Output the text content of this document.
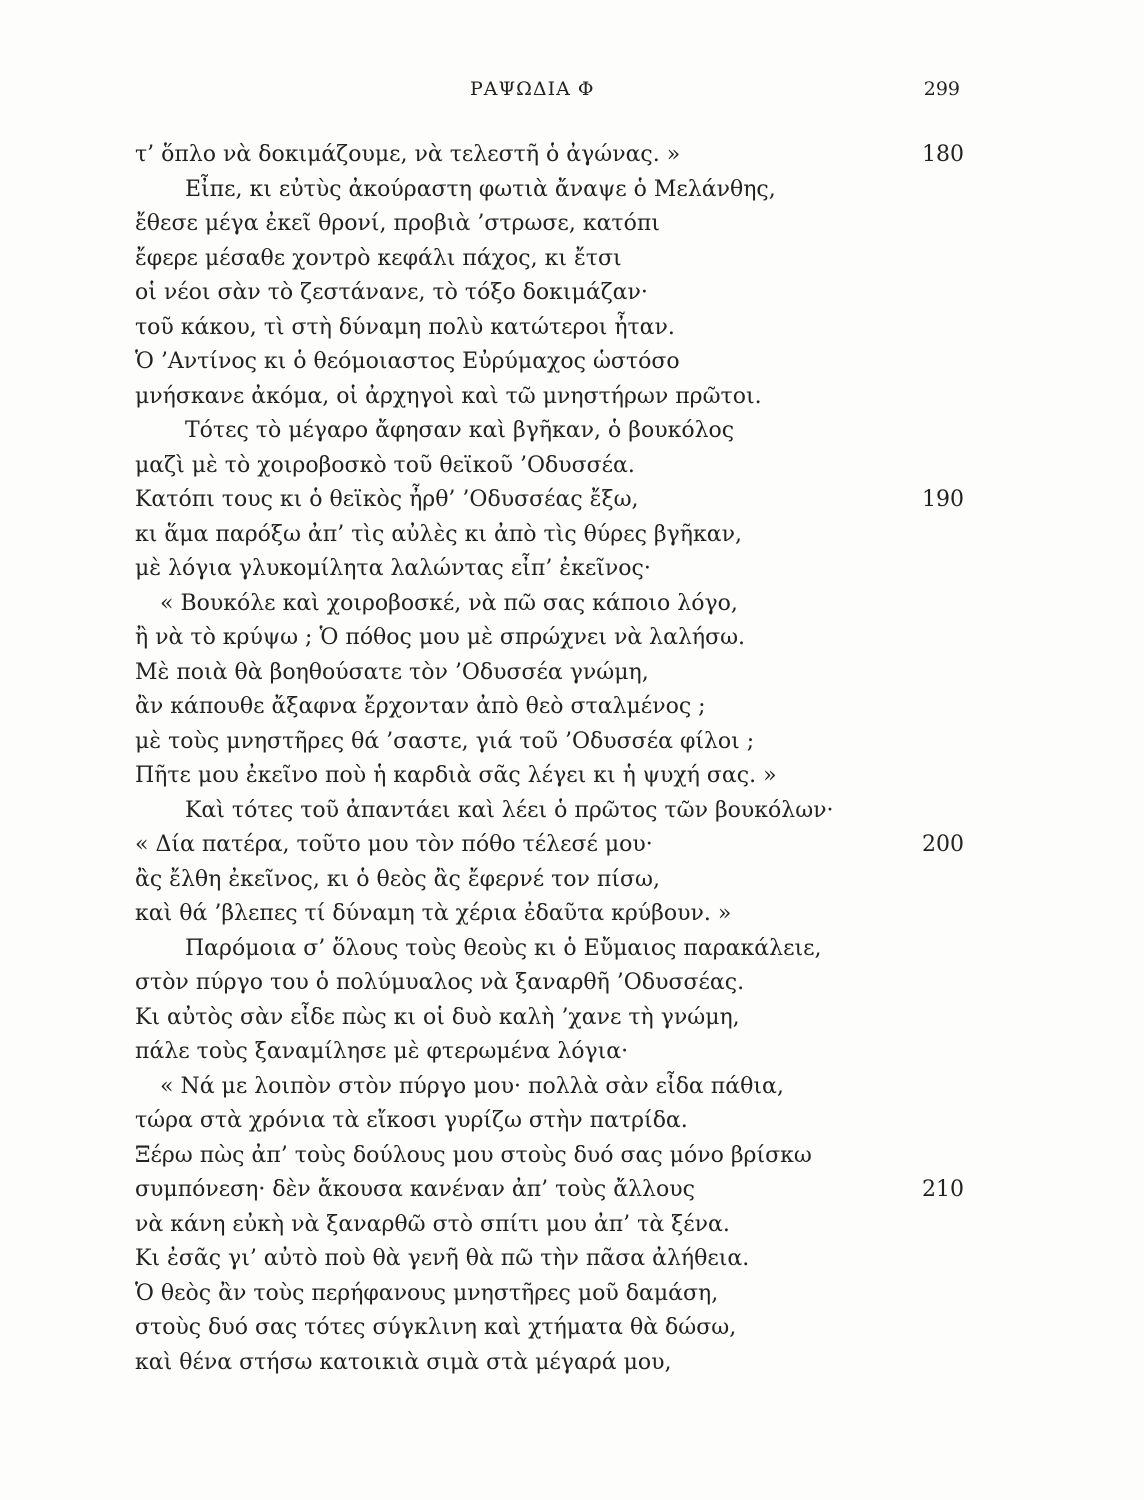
ΡΑΨΩΔΙΑ Φ	299
τ’ ὅπλο νὰ δοκιμάζουμε, νὰ τελεστῆ ὁ ἀγώνας. »	180
Εἶπε, κι εὐτὺς ἀκούραστη φωτιὰ ἄναψε ὁ Μελάνθης,
ἔθεσε μέγα ἐκεῖ θρονί, προβιὰ ’στρωσε, κατόπι
ἔφερε μέσαθε χοντρὸ κεφάλι πάχος, κι ἔτσι
οἱ νέοι σὰν τὸ ζεστάνανε, τὸ τόξο δοκιμάζαν·
τοῦ κάκου, τὶ στὴ δύναμη πολὺ κατώτεροι ἦταν.
Ὁ ’Αντίνος κι ὁ θεόμοιαστος Εὐρύμαχος ὡστόσο
μνήσκανε ἀκόμα, οἱ ἀρχηγοὶ καὶ τῶ μνηστήρων πρῶτοι.
Τότες τὸ μέγαρο ἄφησαν καὶ βγῆκαν, ὁ βουκόλος
μαζὶ μὲ τὸ χοιροβοσκὸ τοῦ θεϊκοῦ ’Οδυσσέα.
Κατόπι τους κι ὁ θεϊκὸς ἦρθ’ ’Οδυσσέας ἔξω,	190
κι ἅμα παρόξω ἀπ’ τὶς αὐλὲς κι ἀπὸ τὶς θύρες βγῆκαν,
μὲ λόγια γλυκομίλητα λαλώντας εἶπ’ ἐκεῖνος·
« Βουκόλε καὶ χοιροβοσκέ, νὰ πῶ σας κάποιο λόγο,
ἢ νὰ τὸ κρύψω ; Ὁ πόθος μου μὲ σπρώχνει νὰ λαλήσω.
Μὲ ποιὰ θὰ βοηθούσατε τὸν ’Οδυσσέα γνώμη,
ἂν κάπουθε ἄξαφνα ἔρχονταν ἀπὸ θεὸ σταλμένος ;
μὲ τοὺς μνηστῆρες θά ’σαστε, γιά τοῦ ’Οδυσσέα φίλοι ;
Πῆτε μου ἐκεῖνο ποὺ ἡ καρδιὰ σᾶς λέγει κι ἡ ψυχή σας. »
Καὶ τότες τοῦ ἀπαντάει καὶ λέει ὁ πρῶτος τῶν βουκόλων·
« Δία πατέρα, τοῦτο μου τὸν πόθο τέλεσέ μου·	200
ἂς ἔλθη ἐκεῖνος, κι ὁ θεὸς ἂς ἔφερνέ τον πίσω,
καὶ θά ’βλεπες τί δύναμη τὰ χέρια ἐδαῦτα κρύβουν. »
Παρόμοια σ’ ὅλους τοὺς θεοὺς κι ὁ Εὔμαιος παρακάλειε,
στὸν πύργο του ὁ πολύμυαλος νὰ ξαναρθῆ ’Οδυσσέας.
Κι αὐτὸς σὰν εἶδε πὼς κι οἱ δυὸ καλὴ ’χανε τὴ γνώμη,
πάλε τοὺς ξαναμίλησε μὲ φτερωμένα λόγια·
« Νά με λοιπὸν στὸν πύργο μου· πολλὰ σὰν εἶδα πάθια,
τώρα στὰ χρόνια τὰ εἴκοσι γυρίζω στὴν πατρίδα.
Ξέρω πὼς ἀπ’ τοὺς δούλους μου στοὺς δυό σας μόνο βρίσκω
συμπόνεση· δὲν ἄκουσα κανέναν ἀπ’ τοὺς ἄλλους	210
νὰ κάνη εὐκὴ νὰ ξαναρθῶ στὸ σπίτι μου ἀπ’ τὰ ξένα.
Κι ἐσᾶς γι’ αὐτὸ ποὺ θὰ γενῆ θὰ πῶ τὴν πᾶσα ἀλήθεια.
Ὁ θεὸς ἂν τοὺς περήφανους μνηστῆρες μοῦ δαμάση,
στοὺς δυό σας τότες σύγκλινη καὶ χτήματα θὰ δώσω,
καὶ θένα στήσω κατοικιὰ σιμὰ στὰ μέγαρά μου,
